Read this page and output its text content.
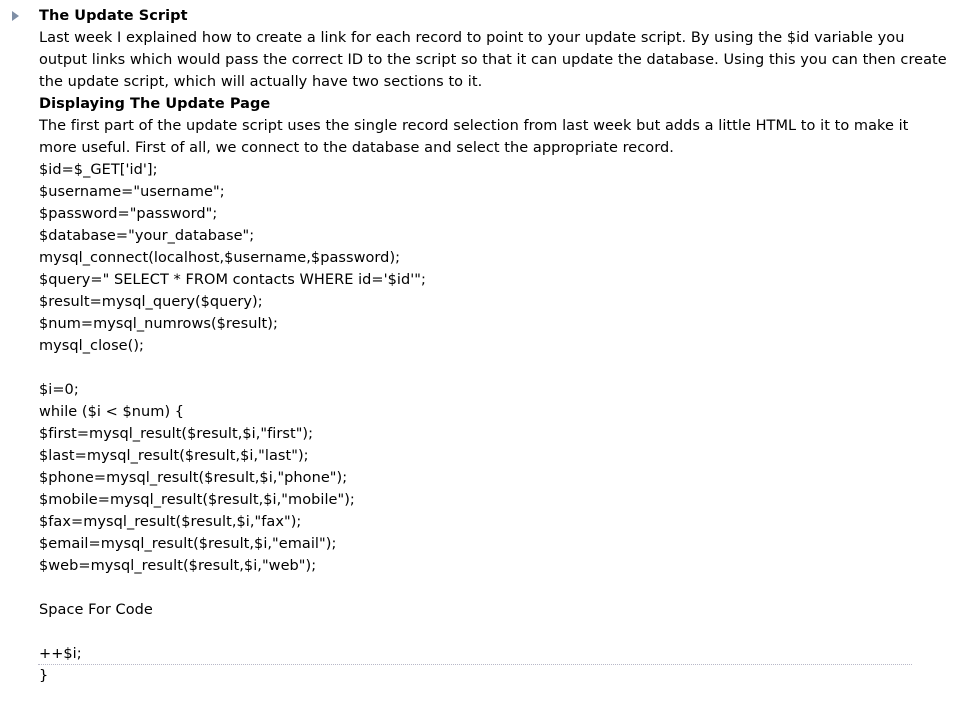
The Update Script
Last week I explained how to create a link for each record to point to your update script. By using the $id variable you output links which would pass the correct ID to the script so that it can update the database. Using this you can then create the update script, which will actually have two sections to it.
Displaying The Update Page
The first part of the update script uses the single record selection from last week but adds a little HTML to it to make it more useful. First of all, we connect to the database and select the appropriate record.
$id=$_GET['id'];
$username="username";
$password="password";
$database="your_database";
mysql_connect(localhost,$username,$password);
$query=" SELECT * FROM contacts WHERE id='$id'";
$result=mysql_query($query);
$num=mysql_numrows($result);
mysql_close();
$i=0;
while ($i < $num) {
$first=mysql_result($result,$i,"first");
$last=mysql_result($result,$i,"last");
$phone=mysql_result($result,$i,"phone");
$mobile=mysql_result($result,$i,"mobile");
$fax=mysql_result($result,$i,"fax");
$email=mysql_result($result,$i,"email");
$web=mysql_result($result,$i,"web");
Space For Code
++$i;
}
